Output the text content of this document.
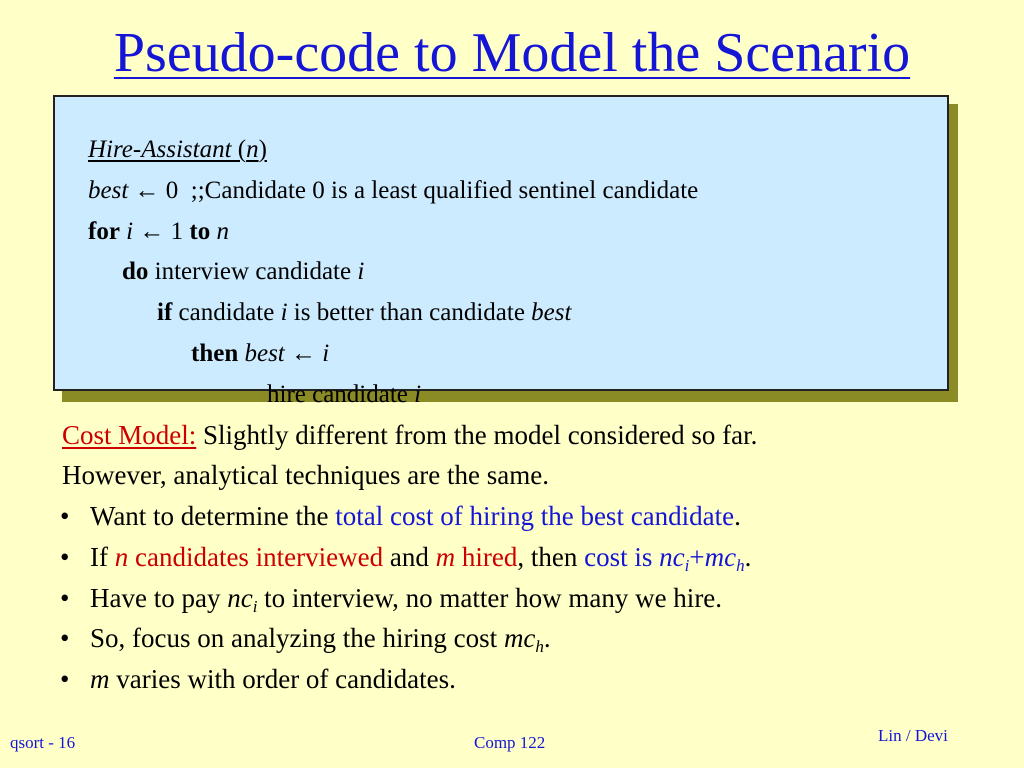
Pseudo-code to Model the Scenario

Hire-Assistant (n)

best ← 0  ;;Candidate 0 is a least qualified sentinel candidate

for i ← 1 to n

do interview candidate i

if candidate i is better than candidate best

then best ← i

hire candidate i

Cost Model: Slightly different from the model considered so far.
However, analytical techniques are the same.
• Want to determine the total cost of hiring the best candidate.
• If n candidates interviewed and m hired, then cost is $nc_i+mc_h$.
• Have to pay $nc_i$ to interview, no matter how many we hire.
• So, focus on analyzing the hiring cost $mc_h$.
• m varies with order of candidates.
qsort - 16	Comp 122	Lin / Devi
